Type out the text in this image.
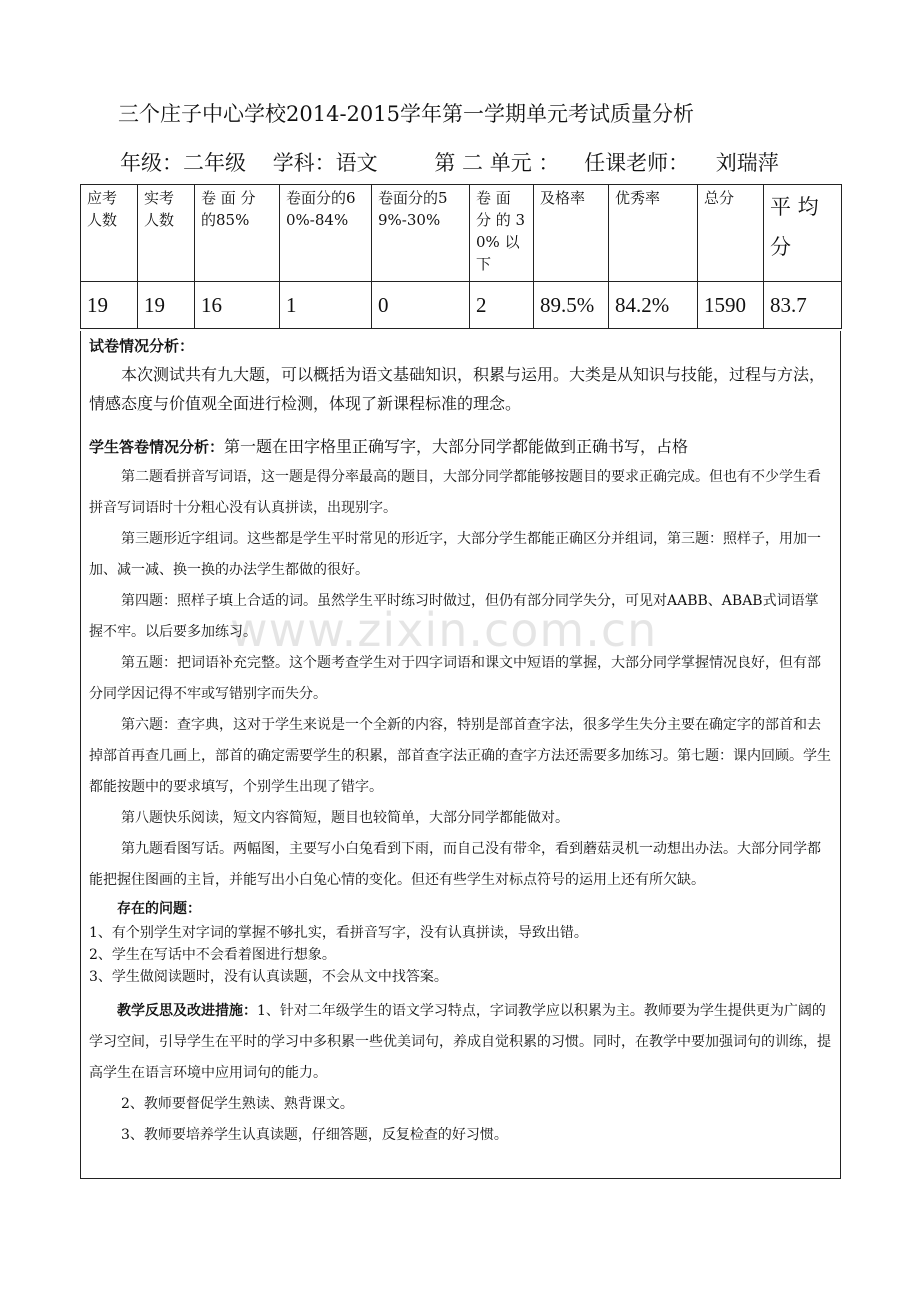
三个庄子中心学校2014-2015学年第一学期单元考试质量分析
年级：二年级 学科：语文	第 二 单元 ： 任课老师： 刘瑞萍
应考人数	实考人数	卷 面 分 的85%	卷面分的60%-84%	卷面分的59%-30%	卷 面 分 的 30% 以下	及格率	优秀率	总分	平 均 分
19	19	16	1	0	2	89.5%	84.2%	1590	83.7

试卷情况分析：

本次测试共有九大题，可以概括为语文基础知识，积累与运用。大类是从知识与技能，过程与方法，情感态度与价值观全面进行检测，体现了新课程标准的理念。

学生答卷情况分析：第一题在田字格里正确写字，大部分同学都能做到正确书写，占格

第二题看拼音写词语，这一题是得分率最高的题目，大部分同学都能够按题目的要求正确完成。但也有不少学生看拼音写词语时十分粗心没有认真拼读，出现别字。

第三题形近字组词。这些都是学生平时常见的形近字，大部分学生都能正确区分并组词，第三题：照样子，用加一加、减一减、换一换的办法学生都做的很好。

第四题：照样子填上合适的词。虽然学生平时练习时做过，但仍有部分同学失分，可见对AABB、ABAB式词语掌握不牢。以后要多加练习。

第五题：把词语补充完整。这个题考查学生对于四字词语和课文中短语的掌握，大部分同学掌握情况良好，但有部分同学因记得不牢或写错别字而失分。

第六题：查字典，这对于学生来说是一个全新的内容，特别是部首查字法，很多学生失分主要在确定字的部首和去掉部首再查几画上，部首的确定需要学生的积累，部首查字法正确的查字方法还需要多加练习。第七题：课内回顾。学生都能按题中的要求填写，个别学生出现了错字。

第八题快乐阅读，短文内容简短，题目也较简单，大部分同学都能做对。

第九题看图写话。两幅图，主要写小白兔看到下雨，而自己没有带伞，看到蘑菇灵机一动想出办法。大部分同学都能把握住图画的主旨，并能写出小白兔心情的变化。但还有些学生对标点符号的运用上还有所欠缺。

存在的问题：

1、有个别学生对字词的掌握不够扎实，看拼音写字，没有认真拼读，导致出错。

2、学生在写话中不会看着图进行想象。

3、学生做阅读题时，没有认真读题，不会从文中找答案。

教学反思及改进措施：1、针对二年级学生的语文学习特点，字词教学应以积累为主。教师要为学生提供更为广阔的学习空间，引导学生在平时的学习中多积累一些优美词句，养成自觉积累的习惯。同时，在教学中要加强词句的训练，提高学生在语言环境中应用词句的能力。

2、教师要督促学生熟读、熟背课文。

3、教师要培养学生认真读题，仔细答题，反复检查的好习惯。

www.zixin.com.cn
